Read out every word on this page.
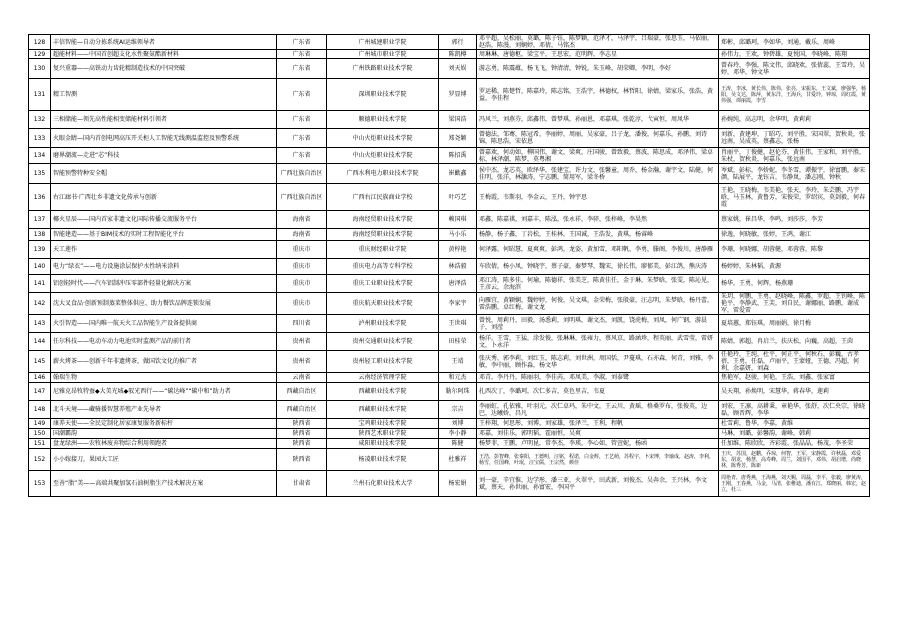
128	丰信智能—自动分拣系统AI运维领导者	广东省	广州城建职业学院	郭行	邓平超，吴松丽，莫璐，陈子钰，陈梦颖，范泽才，马泽宇，吕瑞豪，张思玉，马依丽，赵浩，陈漫，刘娴婷，邓倩，马铭杰	郑彬，邱璐珂，李如华，刘通，戴乐，周峰
129	超能材料——中国首创超支化水性聚氨酯新材料	广东省	广州城市职业学院	陈凯樽	周琳琳，唐德枢，梁宝平，王思宏，范明辉，李志星	孙伟力，王欢，钟碧雄，夏悦国，李晓峰，陈翔
130	复兴重器——高铁动力齿轮精制造技术的中国突破	广东省	广州铁路职业技术学院	刘天娱	游志勇，陈震蕴，杨飞飞，钟清清，钟锐，朱玉峰，胡荣卿，李明，李好	曾春玲，李强，陈文伟，邱晓欢，张倩蕊，王雪玲，吴婷，邓华，钟文华
131	精工智测	广东省	深圳职业技术学院	罗显博	罗运稀，陈楚哲，陈嘉玲，陈志铭，王浩宇，林德权，林哲阳，徐婧，梁家乐，张浩，黄益，李佳程	王涛，李冰，黄长伟，陈伟，张亮，宋振东，王文斌，廖强华，杨阳，吴文达，陈萍，黄东洋，王海兵，甘爱玲，钟琼，周红霞，黄伟强，谭丽霞，李雪
132	三相储能—领先高性能相变储能材料引领者	广东省	顺德职业技术学院	梁国浩	冯风兰，刘燕芬，邱鑫伟，曾梦琪，孙丽恩，邓嘉琪，张乾淳，弋寅恒，周凤华	孙婉纯，高志明，余华明，黄莉莉
133	火眼金睛—国内首创电网高压开关柜人工智能无线测温监控及预警系统	广东省	中山火炬职业技术学院	郑尧颖	曾德法，邹骞，陈冠希，李丽婷，周丽，吴家豪，吕子龙，潘俊，何嘉乐，孙鹏，刘诗锦，陈思浩，宋依恩	刘新，黄建坤，丁昭巧，刘平胜，宋国翠，贺秋炎，张远南，吴成英，蔡鑫志，张杨
134	磨界潮流—走进“芯”科技	广东省	中山火炬职业技术学院	陈招禹	曾嘉欢，何动如，柳国伟，谢文，梁爽，庄国骏，曾致毅，蔡波，陈思成，邓泽伟，梁卓标，林泽潮，陈梦，莫粤湘	肖丽平，丁俊健，赵伦芬，黄佳伟，王家和，刘平胜，朱杖，贺秋炎，何嘉乐，张远南
135	智能预警特种安全帽	广西壮族自治区	广西水利电力职业技术学院	崔歡鑫	侯中杰，龙芯英，欧绎华，张建宝，许力文，张馨童，周乔，杨金瀚，谢宇文，陆健，何佳明，张洋，林灏涛，宁志鹏，简用军，梁冬桥	岑斌，彭标，李娇妮，李冬雪，谭振宇，徐富鹏，秦宋颜，陆展平，龙钰吉，韦静岚，潘志刚，钟秋
136	右江廊书·广西壮乡非遗文化传承与创新	广西壮族自治区	广西右江民族商业学校	叶巧艺	王梅霞，韦斯羽，李金云，王丹，钟宇思	王艳，王晓梅，韦美艳，张天，李玲，朱芸鹏，冯宇晗，马玉林，黄鲁芳，宋俊荣，罗绍宾，莫剑毅，何春霞
137	椰火星辰——国内首家非遗文化国际传播交流服务平台	海南省	海南经贸职业技术学院	赖国琪	邓鑫，陈嘉祺，刘嘉丰，陈泓，张永祥，李骍，张梓峰，李昊然	蔡家姚，崔昌华，李鸣，刘莎莎，李芳
138	智能建造——基于BIM技术的实时工程智能化平台	海南省	海南经贸职业技术学院	马小乐	杨静，杨子鑫，丁岩松，王桂林，王国诚，王浩发，黄琪，杨睿峰	徐逸，何晓敏，张婷，王鸿，谢江
139	天工莲作	重庆市	重庆财经职业学院	黄梓艳	何泽露，何昭慧，夏爽爽，彭鸿，龙姿，黄加雪，邓阳帆，李勇，滕阁，李俊川，唐静雁	李珊，何晓娜，胡蓉健，邓蓉蓉，陈黎
140	电力“绿衣”——电力设施涂层保护水性纳米涂料	重庆市	重庆电力高等专科学校	林浩毅	车欣倩，杨小凤，钟晓宇，蔡子豪，秦梦琴，魏宋，徐长伟，廖郁美，彭江鸽，熊庆涛	杨婷婷，朱林韬，黄源
141	铝创轻时代——汽车铝制冲压零部件轻量化解决方案	重庆市	重庆工业职业技术学院	唐泽浩	邓江涛，陈多佳，何瑜，陈德祥，张美芝，陈黄佳任，金于琳，朱梦晗，张雯，陈沁见，王彦云，余海滨	杨华，王勇，何辉，杨燕珊
142	沈大叉食品·创新预制蒸菜整体供应、助力餐饮品牌连锁发展	重庆市	重庆航天职业技术学院	李家宇	向雁宜，黄颖娴，魏婷婷，何俊，吴文琪，金荣梅，张殷豪，汪志明，朱梦晗，杨丹蕾，雷浩鹏，卓红梅，谢文龙	朱玥，何鹏，王勇，赵晓峰，陈鑫，罗超，王钊峰，陈艳平，李静武，王芙，刘自民，谢娜丽，路鹏，谢成军，雷爱雷
143	火引智造——国内唯一航天火工品智能生产设备提供商	四川省	泸州职业技术学院	王世琪	曾悦，周莉丹，田毅，汤悉莉，刘明琪，谢文杰，刘凯，饶虎梅，刘凤，何广钢，游晨子，刘滢	夏培蕙，郑钰琪，周丽娟，徐月梅
144	任尔科技——电动车动力电池实时监测产品的前行者	贵州省	贵州交通职业技术学院	田桂荣	杨洋，王雪，王猛，涂发俊，张琳琳，张雍力，蔡风京，路涵珍，程英丽，武雪莹，雷妍文，卜永洋	陈婧，郭超，冉启兰，扶庆松，向巍，高超，王茵
145	薪火烤茶——创新千年非遗烤茶，做国饮文化的推广者	贵州省	贵州轻工职业技术学院	王靖	张庆秀，郭李莉，刘红玉，陈志莉，刘世洲，周国恬，尹蔓琪，石亦森，何青，刘雅，李敏，李中丽，顾作淼，杨文华	任艳玲，王纯，杜平，何正平，何秋石，彭巍，古孝蓓，王勇，任磊，卢丽平，王蒙娅，王德，冯超，何利，余嘉妍，刘森
146	翰瑞生物	云南省	云南经济管理学院	和元杰	邓青，李丹丹，陈丽羽，李佳芮，邓凤美，李淑，刘泰鹭	焦艳军，赵骏，何艳，王浩，刘鑫，张家富
147	尼雅克昂牧特蚕◆大美光城◆驭光西行——“碳达峰”“碳中和”助力者	西藏自治区	西藏职业技术学院	勒尔阿珠	扎西次丁，李璐珂，次仁多吉，莫色里吉，韦夏	吴天翔，孙焕明，宋慧华，蒋春华，莲莉
148	北斗天境——藏骑援智慧养殖产业先导者	西藏自治区	西藏职业技术学院	宗吉	李丽虹，孔依雅，叶羽元，次仁卓玛，朱中文，王云川，黄瑶，格桑罗布，张俊英，边巴，达曦娇，昌凡	刘宏，王凛，高耕秉，章艳华，张舒，次仁央宗，徐晓磊，顾晋辉，李华
149	康养天使——全民定制化居家康复服务新标杆	陕西省	宝鸡职业技术学院	刘博	王梓翔，何思彤，刘博，刘家雄，张泽兰，王利，程帆	杜雪莉，鲁华，李嘉，黄维
150	国潮霸韵	陕西省	陕西艺术职业学院	李小静	邓嘉，刘佳乐，郭明韬，霍丽恒，吴爽	马琳，刘璐，彭馨韵，谢峰，韩莉
151	盘龙绿洲——农牧林废弃物综合利用领跑者	陕西省	咸阳职业技术学院	陈健	杨梦菲，王鹏，卢明昆，常李杰，李瑛，李心如，管萱妮，杨函	任加维，陈欣欣，齐彩霞，张晶晶，杨茂，李圣荣
152	小小嫁接刀，果园大工匠	陕西省	杨凌职业技术学院	杜雅祥	王浩，彭智峰，张秦阳，王德明，汪铭，程诺，白金辉，王艺萌，苏程宇，卜宋博，李瑜成，赵涛，李利，杨雪，任国峰，叶珉，汪宝儒，王宗然，颜佳	王庆，苏国，赵鹏，乔琼，何智，王军，宋静霞，许秋磊，邓爱东，胡龙，杨慧，高寿峰，周兰，刘国平，邓伟，胡启增，尚晓林，陈秀芳，陈新
153	至善“脂”美——高端共聚加氢石油树脂生产技术解决方案	甘肃省	兰州石化职业技术大学	杨宏娟	刘一豪，辛宜惟，边学彤，潘三亚，火翠平，田武新，刘俊杰，吴奔余，王兴林，李文斌，蔡天，孙世丽，孙富宏，李国平	周艳青，唐秀燕，王海燕，刘天赐，周磊，李平，张毅，廖黄涛，王刚，王春燕，马金，马清，张稚迪，潘有江，郑晓丽，韩宏，赵立，杜三
